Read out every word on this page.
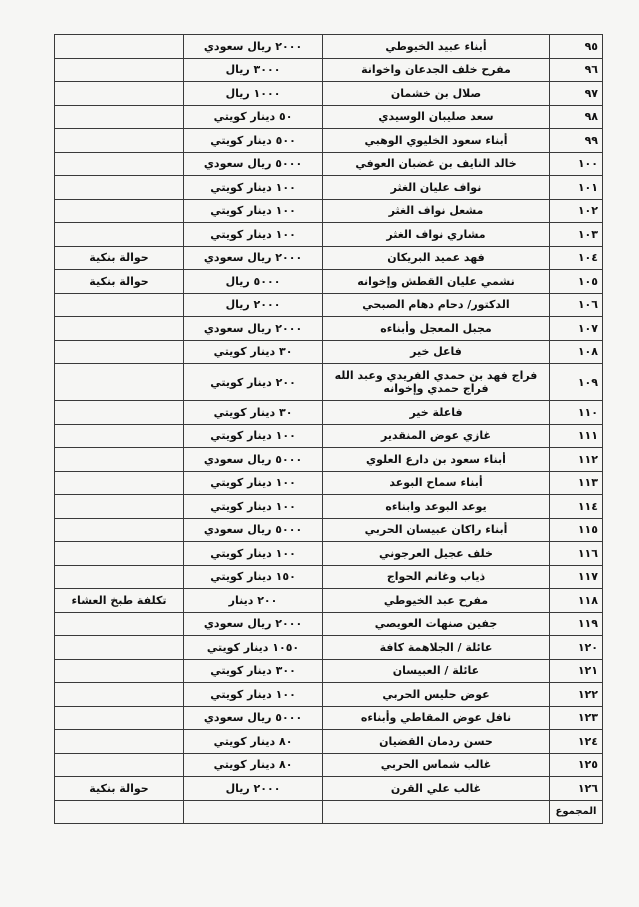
٩٥	أبناء عبيد الخيوطي	٢٠٠٠ ريال سعودي	
٩٦	مفرح خلف الجدعان واخوانة	٣٠٠٠ ريال	
٩٧	صلال بن خشمان	١٠٠٠ ريال	
٩٨	سعد صليبان الوسيدي	٥٠ دينار كويتي	
٩٩	أبناء سعود الخليوي الوهبي	٥٠٠ دينار كويتي	
١٠٠	خالد النايف بن غضبان العوفي	٥٠٠٠ ريال سعودي	
١٠١	نواف عليان الغثر	١٠٠ دينار كويتي	
١٠٢	مشعل نواف الغثر	١٠٠ دينار كويتي	
١٠٣	مشاري نواف الغثر	١٠٠ دينار كويتي	
١٠٤	فهد عميد البريكان	٢٠٠٠ ريال سعودي	حوالة بنكية
١٠٥	نشمي عليان القطش وإخوانه	٥٠٠٠ ريال	حوالة بنكية
١٠٦	الدكتور/ دحام دهام الصبحي	٢٠٠٠ ريال	
١٠٧	مجبل المعجل وأبناءه	٢٠٠٠ ريال سعودي	
١٠٨	فاعل خير	٣٠ دينار كويتي	
١٠٩	فراج فهد بن حمدي الفريدي وعبد الله فراج حمدي وإخوانه	٢٠٠ دينار كويتي	
١١٠	فاعلة خير	٣٠ دينار كويتي	
١١١	غازي عوض المنقدير	١٠٠ دينار كويتي	
١١٢	أبناء سعود بن دارع العلوي	٥٠٠٠ ريال سعودي	
١١٣	أبناء سماح البوعد	١٠٠ دينار كويتي	
١١٤	يوعد البوعد وابناءه	١٠٠ دينار كويتي	
١١٥	أبناء راكان عبيسان الحربي	٥٠٠٠ ريال سعودي	
١١٦	خلف عجيل العرجوني	١٠٠ دينار كويتي	
١١٧	ذياب وغانم الحواج	١٥٠ دينار كويتي	
١١٨	مفرح عبد الخيوطي	٢٠٠ دينار	تكلفة طبخ العشاء
١١٩	جفين صنهات العويصي	٢٠٠٠ ريال سعودي	
١٢٠	عائلة / الجلاهمة كافة	١٠٥٠ دينار كويتي	
١٢١	عائلة / العبيسان	٣٠٠ دينار كويتي	
١٢٢	عوض حليس الحربي	١٠٠ دينار كويتي	
١٢٣	نافل عوض المقاطي وأبناءه	٥٠٠٠ ريال سعودي	
١٢٤	حسن ردمان القضيان	٨٠ دينار كويتي	
١٢٥	غالب شماس الحربي	٨٠ دينار كويتي	
١٢٦	غالب علي القرن	٢٠٠٠ ريال	حوالة بنكية
المجموع			
